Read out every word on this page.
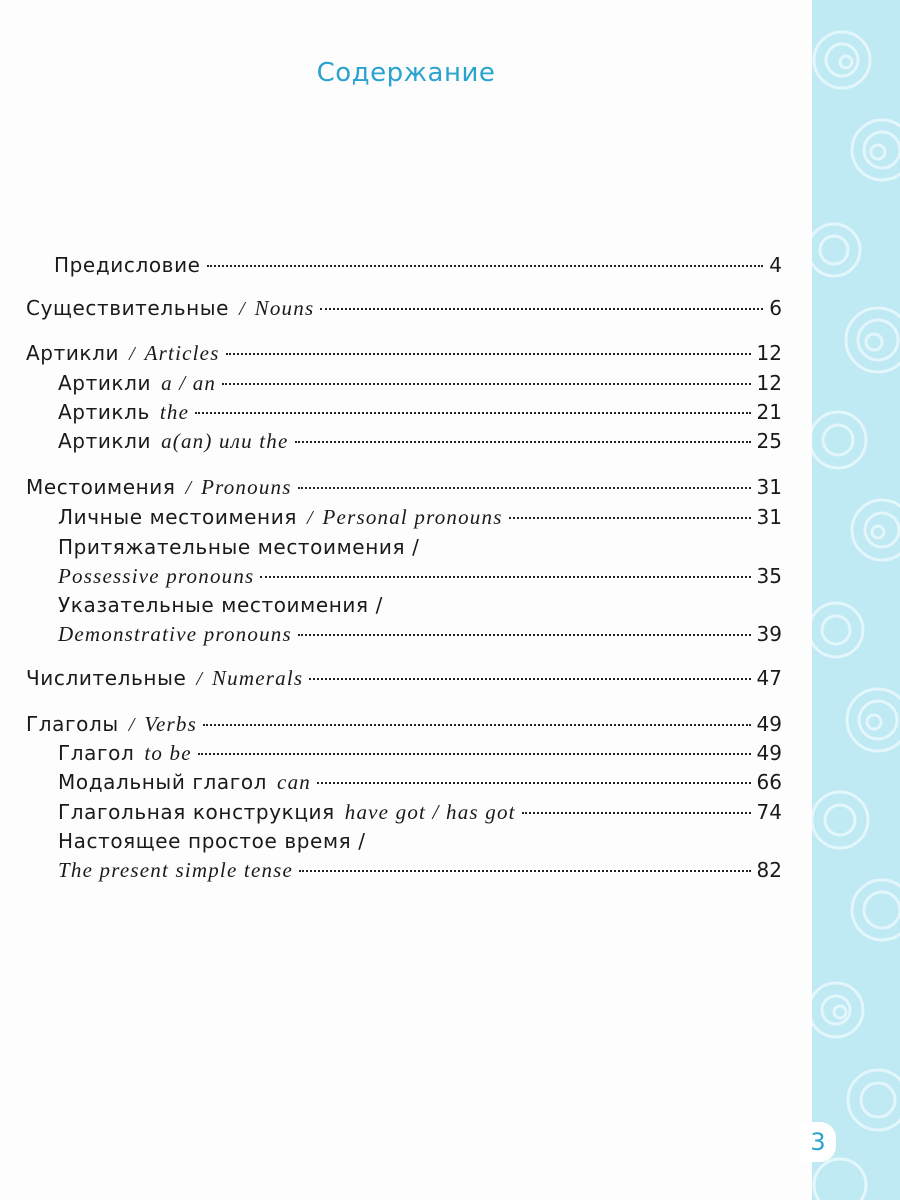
Содержание
Предисловие	4
Существительные / Nouns	6
Артикли / Articles	12
Артикли a / an	12
Артикль the	21
Артикли a(an) или the	25
Местоимения / Pronouns	31
Личные местоимения / Personal pronouns	31
Притяжательные местоимения /
Possessive pronouns	35
Указательные местоимения /
Demonstrative pronouns	39
Числительные / Numerals	47
Глаголы / Verbs	49
Глагол to be	49
Модальный глагол can	66
Глагольная конструкция have got / has got	74
Настоящее простое время /
The present simple tense	82
3
